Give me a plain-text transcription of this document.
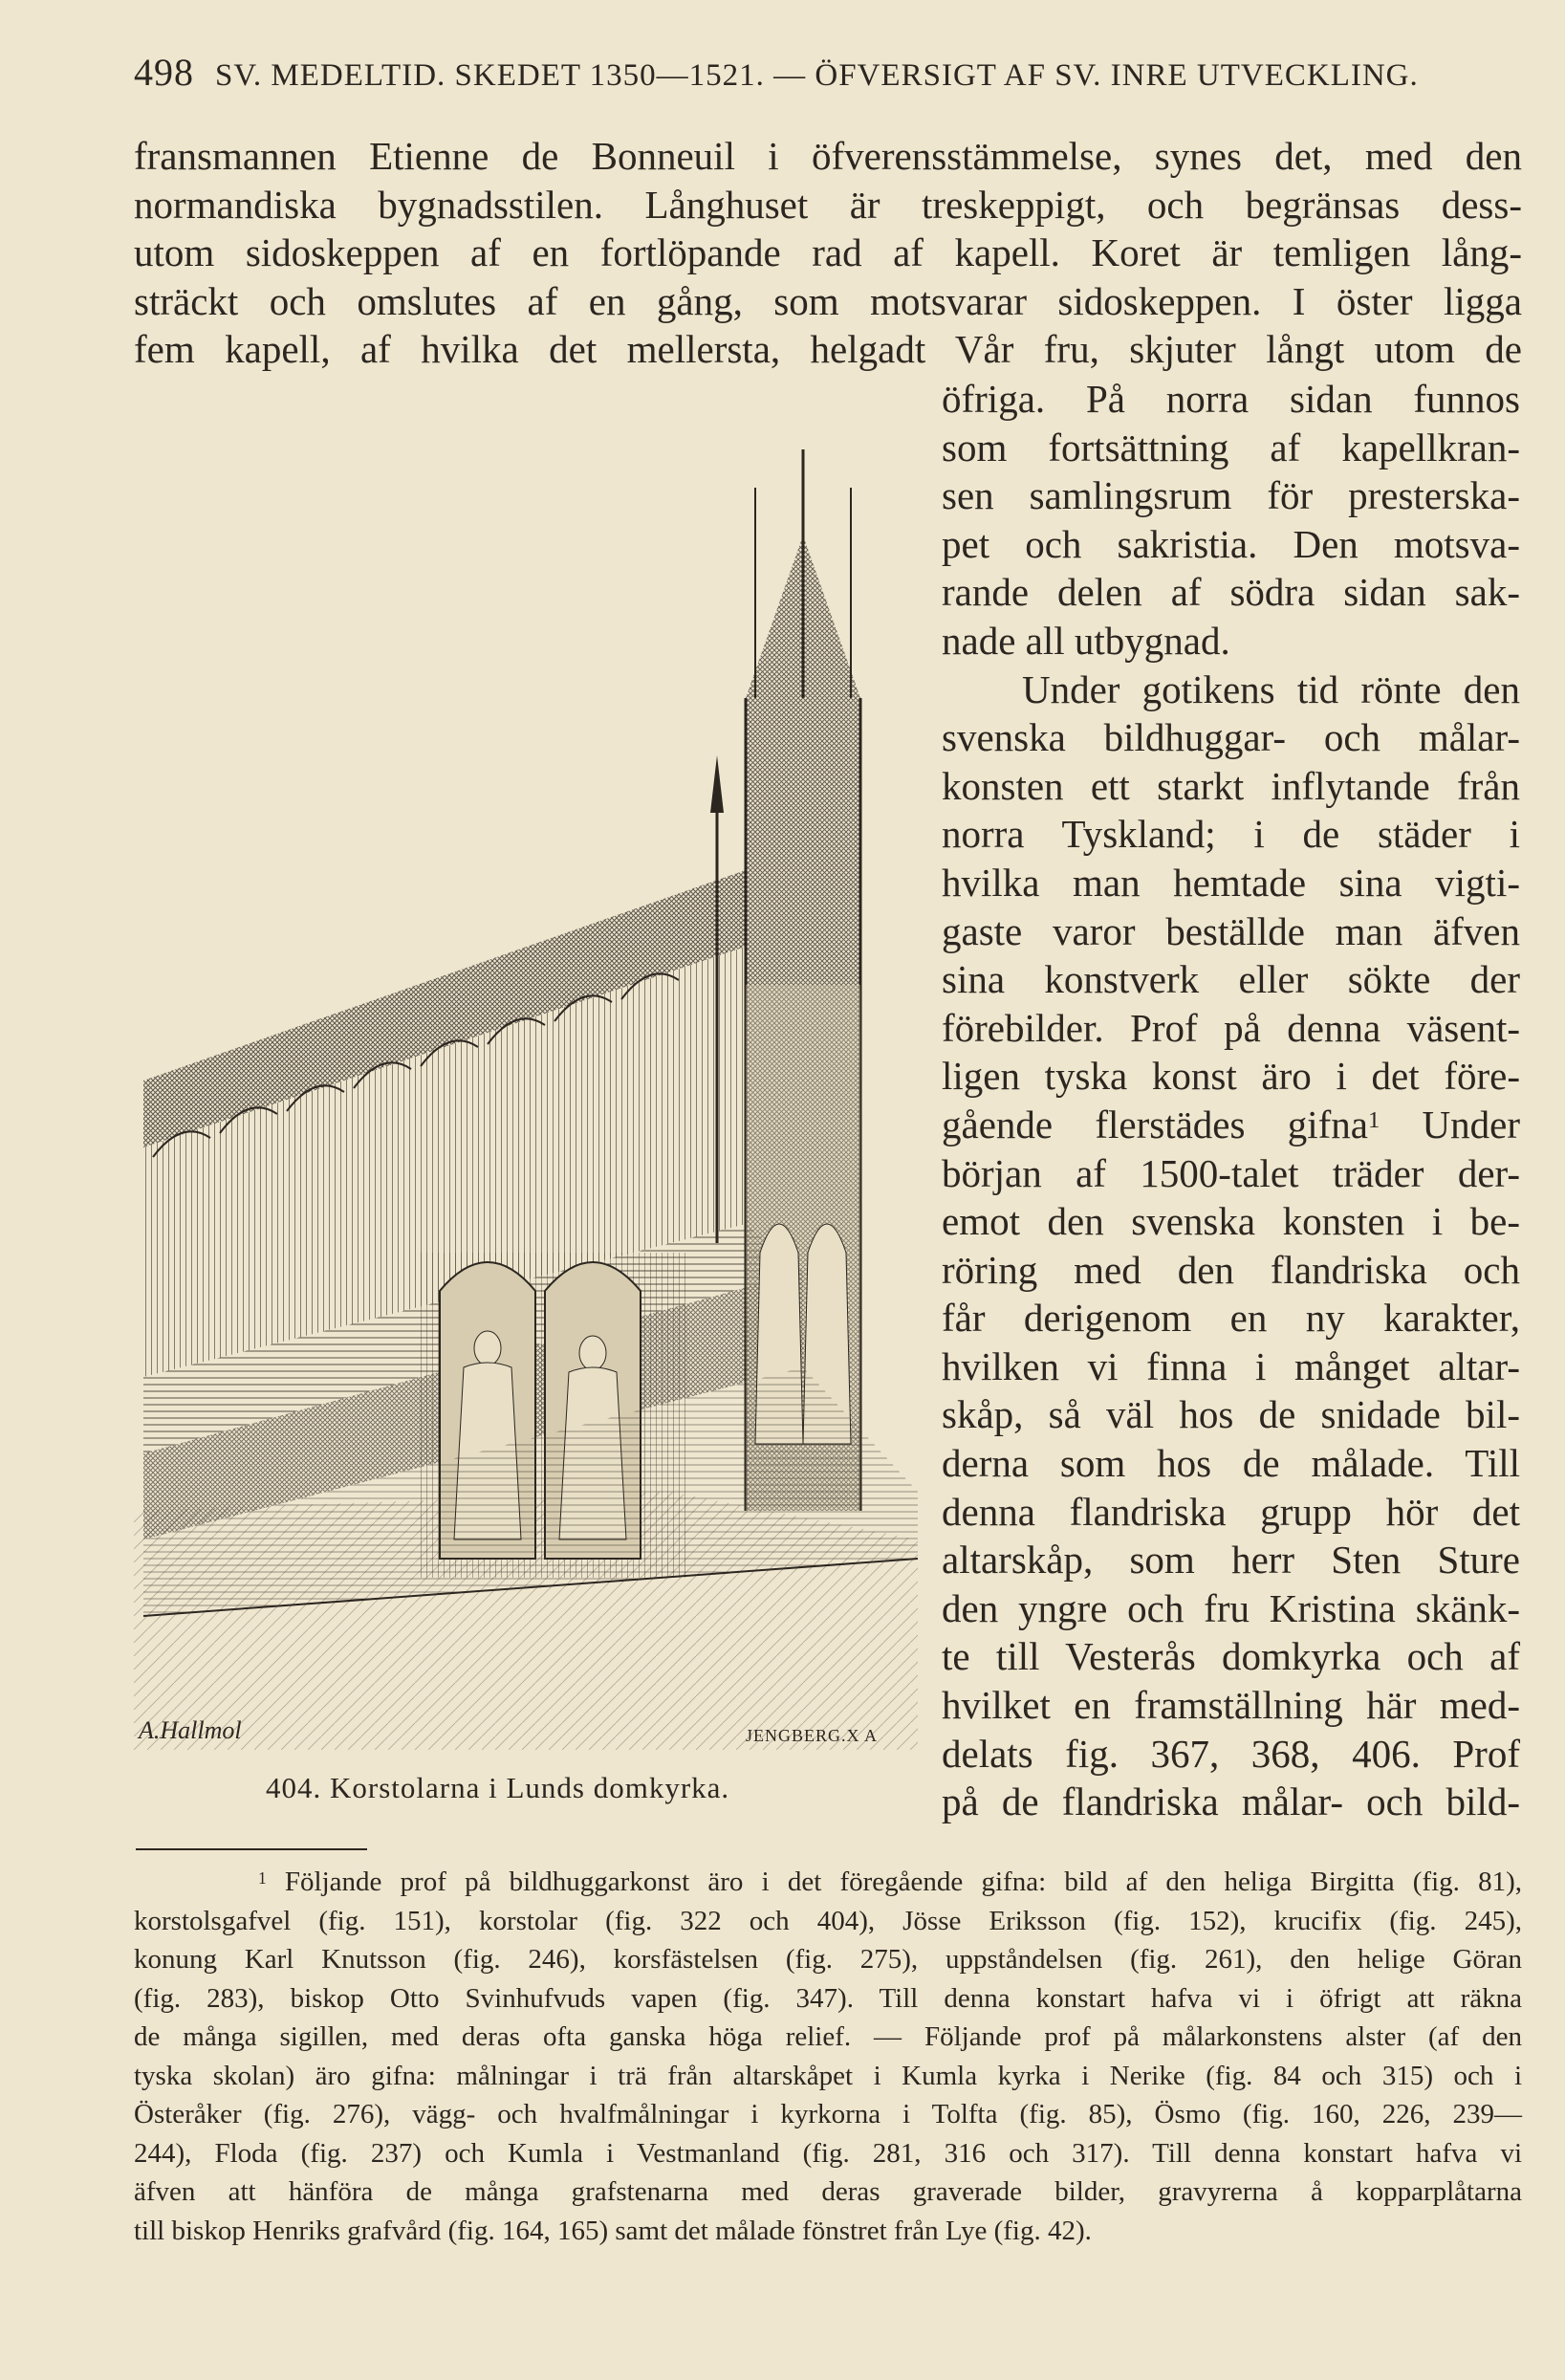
498 SV. MEDELTID. SKEDET 1350—1521. — ÖFVERSIGT AF SV. INRE UTVECKLING.
fransmannen Etienne de Bonneuil i öfverensstämmelse, synes det, med den
normandiska bygnadsstilen. Långhuset är treskeppigt, och begränsas dess-
utom sidoskeppen af en fortlöpande rad af kapell. Koret är temligen lång-
sträckt och omslutes af en gång, som motsvarar sidoskeppen. I öster ligga
fem kapell, af hvilka det mellersta, helgadt Vår fru, skjuter långt utom de
öfriga. På norra sidan funnos
som fortsättning af kapellkran-
sen samlingsrum för presterska-
pet och sakristia. Den motsva-
rande delen af södra sidan sak-
nade all utbygnad.
Under gotikens tid rönte den
svenska bildhuggar- och målar-
konsten ett starkt inflytande från
norra Tyskland; i de städer i
hvilka man hemtade sina vigti-
gaste varor beställde man äfven
sina konstverk eller sökte der
förebilder. Prof på denna väsent-
ligen tyska konst äro i det före-
gående flerstädes gifna$^1$ Under
början af 1500-talet träder der-
emot den svenska konsten i be-
röring med den flandriska och
får derigenom en ny karakter,
hvilken vi finna i månget altar-
skåp, så väl hos de snidade bil-
derna som hos de målade. Till
denna flandriska grupp hör det
altarskåp, som herr Sten Sture
den yngre och fru Kristina skänk-
te till Vesterås domkyrka och af
hvilket en framställning här med-
delats fig. 367, 368, 406. Prof
på de flandriska målar- och bild-
A.Hallmol	JENGBERG.X A
404. Korstolarna i Lunds domkyrka.
$^1$ Följande prof på bildhuggarkonst äro i det föregående gifna: bild af den heliga Birgitta (fig. 81),
korstolsgafvel (fig. 151), korstolar (fig. 322 och 404), Jösse Eriksson (fig. 152), krucifix (fig. 245),
konung Karl Knutsson (fig. 246), korsfästelsen (fig. 275), uppståndelsen (fig. 261), den helige Göran
(fig. 283), biskop Otto Svinhufvuds vapen (fig. 347). Till denna konstart hafva vi i öfrigt att räkna
de många sigillen, med deras ofta ganska höga relief. — Följande prof på målarkonstens alster (af den
tyska skolan) äro gifna: målningar i trä från altarskåpet i Kumla kyrka i Nerike (fig. 84 och 315) och i
Österåker (fig. 276), vägg- och hvalfmålningar i kyrkorna i Tolfta (fig. 85), Ösmo (fig. 160, 226, 239—
244), Floda (fig. 237) och Kumla i Vestmanland (fig. 281, 316 och 317). Till denna konstart hafva vi
äfven att hänföra de många grafstenarna med deras graverade bilder, gravyrerna å kopparplåtarna
till biskop Henriks grafvård (fig. 164, 165) samt det målade fönstret från Lye (fig. 42).
